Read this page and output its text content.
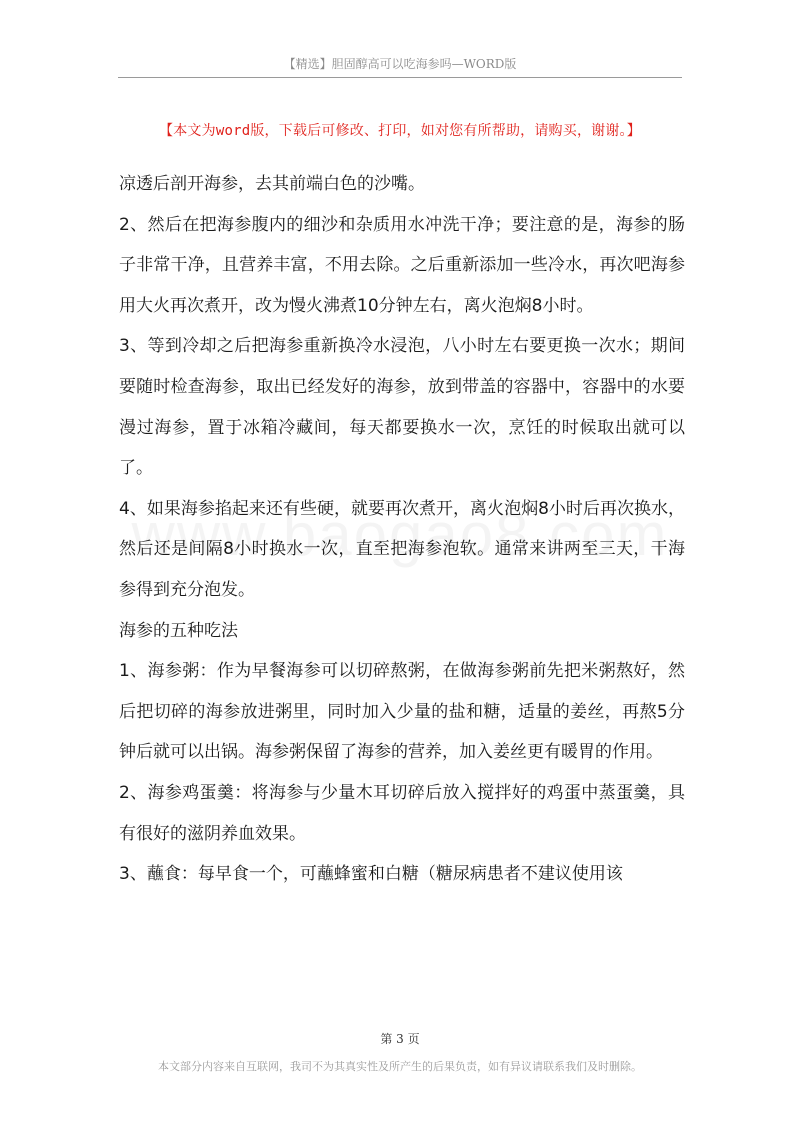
【精选】胆固醇高可以吃海参吗—WORD版
【本文为word版，下载后可修改、打印，如对您有所帮助，请购买，谢谢。】

凉透后剖开海参，去其前端白色的沙嘴。

2、然后在把海参腹内的细沙和杂质用水冲洗干净；要注意的是，海参的肠子非常干净，且营养丰富，不用去除。之后重新添加一些冷水，再次吧海参用大火再次煮开，改为慢火沸煮10分钟左右，离火泡焖8小时。

3、等到冷却之后把海参重新换冷水浸泡，八小时左右要更换一次水；期间要随时检查海参，取出已经发好的海参，放到带盖的容器中，容器中的水要漫过海参，置于冰箱冷藏间，每天都要换水一次，烹饪的时候取出就可以了。

4、如果海参掐起来还有些硬，就要再次煮开，离火泡焖8小时后再次换水，然后还是间隔8小时换水一次，直至把海参泡软。通常来讲两至三天，干海参得到充分泡发。

海参的五种吃法

1、海参粥：作为早餐海参可以切碎熬粥，在做海参粥前先把米粥熬好，然后把切碎的海参放进粥里，同时加入少量的盐和糖，适量的姜丝，再熬5分钟后就可以出锅。海参粥保留了海参的营养，加入姜丝更有暖胃的作用。

2、海参鸡蛋羹：将海参与少量木耳切碎后放入搅拌好的鸡蛋中蒸蛋羹，具有很好的滋阴养血效果。

3、蘸食：每早食一个，可蘸蜂蜜和白糖（糖尿病患者不建议使用该

第 3 页
本文部分内容来自互联网，我司不为其真实性及所产生的后果负责，如有异议请联系我们及时删除。
